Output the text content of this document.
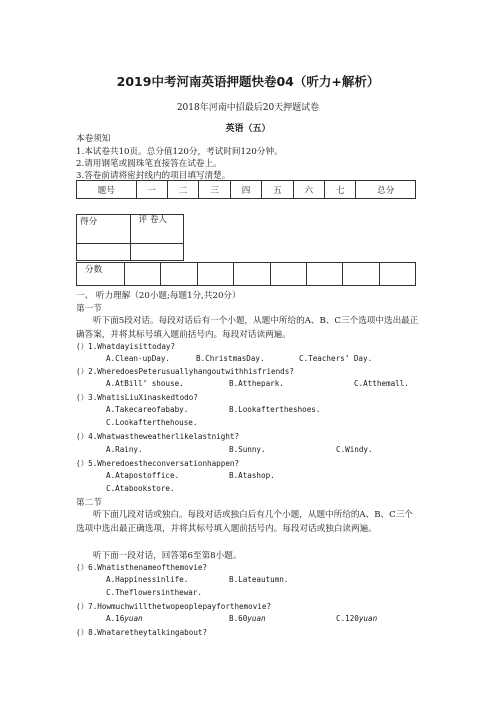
2019中考河南英语押题快卷04（听力+解析）
2018年河南中招最后20天押题试卷
英语（五）
本卷须知
1.本试卷共10页。总分值120分，考试时间120分钟。
2.请用钢笔或圆珠笔直接答在试卷上。
3.答卷前请将密封线内的项目填写清楚。
题号	一	二	三	四	五	六	七	总分
得分	评 卷人

分数								
一、 听力理解（20小题;每题1分,共20分）
第一节
听下面5段对话。每段对话后有一个小题，从题中所给的A、B、C三个选项中选出最正确答案，并将其标号填入题前括号内。每段对话读两遍。
(）1.Whatdayisittoday?
A.Clean-upDay.	B.ChristmasDay.	C.Teachers’ Day.
(）2.WheredoesPeterusuallyhangoutwithhisfriends?
A.AtBill’ shouse.	B.Atthepark.	C.Atthemall.
(）3.WhatisLiuXinaskedtodo?
A.Takecareofababy.	B.Lookaftertheshoes.
C.Lookafterthehouse.
(）4.Whatwastheweatherlikelastnight?
A.Rainy.	B.Sunny.	C.Windy.
(）5.Wheredoestheconversationhappen?
A.Atapostoffice.	B.Atashop.
C.Atabookstore.
第二节
听下面几段对话或独白。每段对话或独白后有几个小题，从题中所给的A、B、C三个选项中选出最正确选项，并将其标号填入题前括号内。每段对话或独白读两遍。
听下面一段对话，回答第6至第8小题。
(）6.Whatisthenameofthemovie?
A.Happinessinlife.	B.Lateautumn.
C.Theflowersinthewar.
(）7.Howmuchwillthetwopeoplepayforthemovie?
A.16yuan	B.60yuan	C.120yuan
(）8.Whataretheytalkingabout?
